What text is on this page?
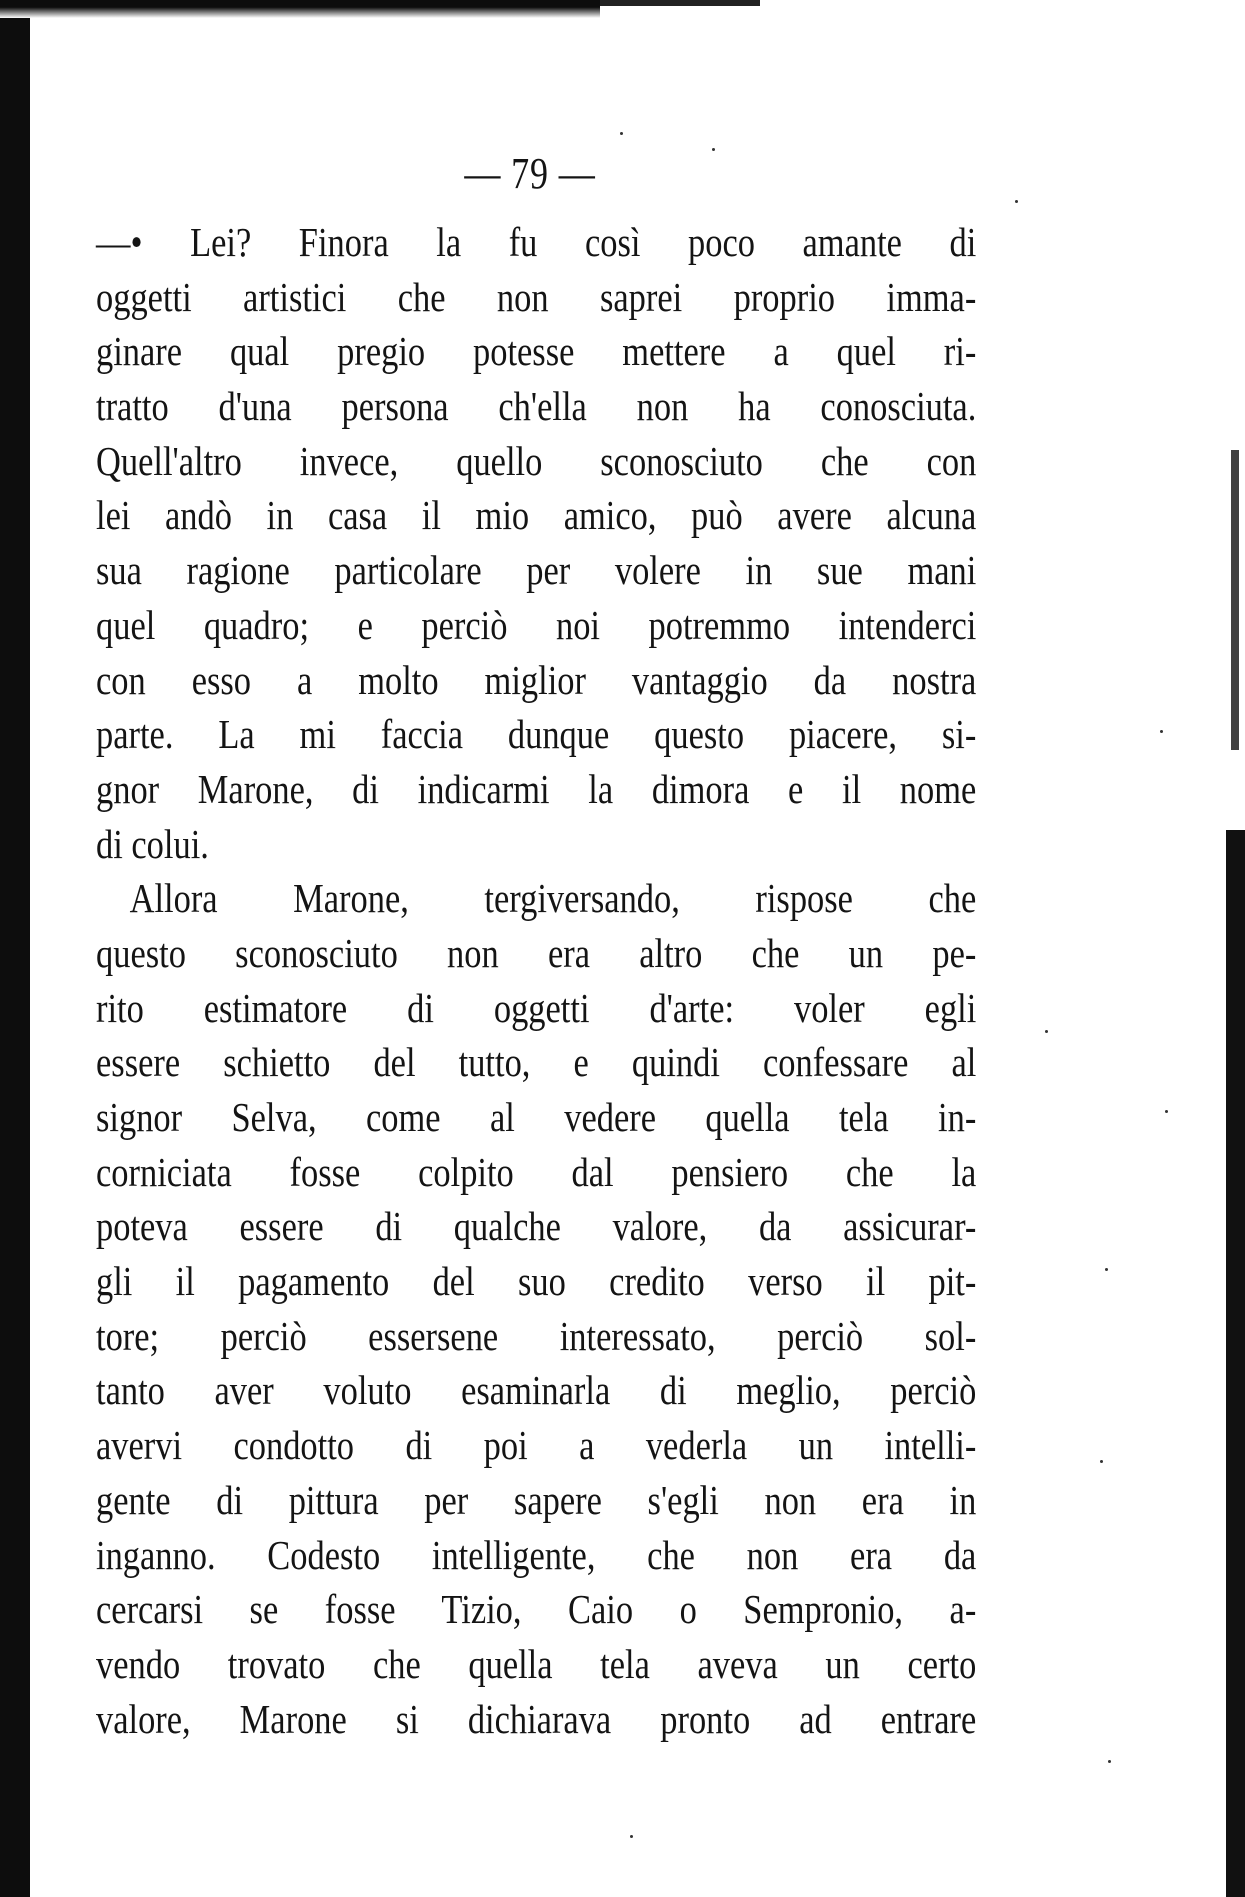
— 79 —
—• Lei? Finora la fu così poco amante di
oggetti artistici che non saprei proprio imma-
ginare qual pregio potesse mettere a quel ri-
tratto d'una persona ch'ella non ha conosciuta.
Quell'altro invece, quello sconosciuto che con
lei andò in casa il mio amico, può avere alcuna
sua ragione particolare per volere in sue mani
quel quadro; e perciò noi potremmo intenderci
con esso a molto miglior vantaggio da nostra
parte. La mi faccia dunque questo piacere, si-
gnor Marone, di indicarmi la dimora e il nome
di colui.
Allora Marone, tergiversando, rispose che
questo sconosciuto non era altro che un pe-
rito estimatore di oggetti d'arte: voler egli
essere schietto del tutto, e quindi confessare al
signor Selva, come al vedere quella tela in-
corniciata fosse colpito dal pensiero che la
poteva essere di qualche valore, da assicurar-
gli il pagamento del suo credito verso il pit-
tore; perciò essersene interessato, perciò sol-
tanto aver voluto esaminarla di meglio, perciò
avervi condotto di poi a vederla un intelli-
gente di pittura per sapere s'egli non era in
inganno. Codesto intelligente, che non era da
cercarsi se fosse Tizio, Caio o Sempronio, a-
vendo trovato che quella tela aveva un certo
valore, Marone si dichiarava pronto ad entrare
